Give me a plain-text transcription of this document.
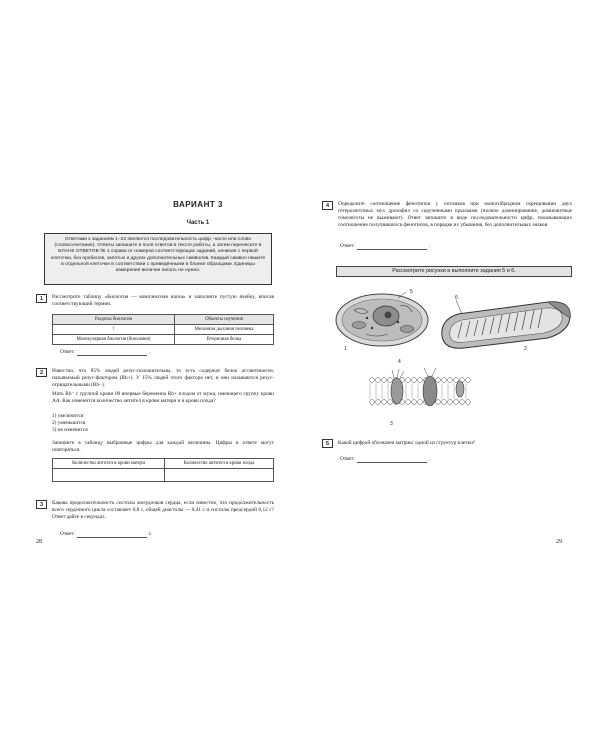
ВАРИАНТ 3
Часть 1
Ответами к заданиям 1–22 являются последовательность цифр, число или слово (словосочетание). Ответы запишите в поля ответов в тексте работы, а затем перенесите в БЛАНК ОТВЕТОВ № 1 справа от номеров соответствующих заданий, начиная с первой клеточки, без пробелов, запятых и других дополнительных символов. Каждый символ пишите в отдельной клеточке в соответствии с приведёнными в бланке образцами. Единицы измерения величин писать не нужно.
1	Рассмотрите таблицу «Биология — комплексная наука» и заполните пустую ячейку, вписав соответствующий термин.
Разделы биологии	Объекты изучения
?	Механизм дыхания человека
Молекулярная биология (биохимия)	Вторичная белка
Ответ:	.
2	Известно, что 85% людей резус-положительны, то есть содержат белок агглютиноген, называемый резус-фактором (Rh+). У 15% людей этого фактора нет, и они называются резус-отрицательными (Rh−).
Мать Rh⁻ с группой крови 00 впервые беременна Rh+ плодом от мужа, имеющего группу крови АА. Как изменится количество антител в крови матери и в крови плода?
1) увеличится
2) уменьшится
3) не изменится
Запишите в таблицу выбранные цифры для каждой величины. Цифры в ответе могут повторяться.
Количество антител в крови матери	Количество антител в крови плода

3	Какова продолжительность систолы желудочков сердца, если известно, что продолжительность всего сердечного цикла составляет 0,8 с, общей диастолы — 0,41 с и систолы предсердий 0,12 с? Ответ дайте в секундах.
Ответ:	с.
28
4	Определите соотношение фенотипов у потомков при моногибридном скрещивании двух гетерозиготных мух дрозофил со скрученными крыльями (полное доминирование, доминантные гомозиготы не выживают). Ответ запишите в виде последовательности цифр, показывающих соотношение получившихся фенотипов, в порядке их убывания, без дополнительных знаков.
Ответ:	.
Рассмотрите рисунки и выполните задания 5 и 6.
1	2
3
4
5
6
5	Какой цифрой обозначен матрикс одной из структур клетки?
Ответ:	.
29
